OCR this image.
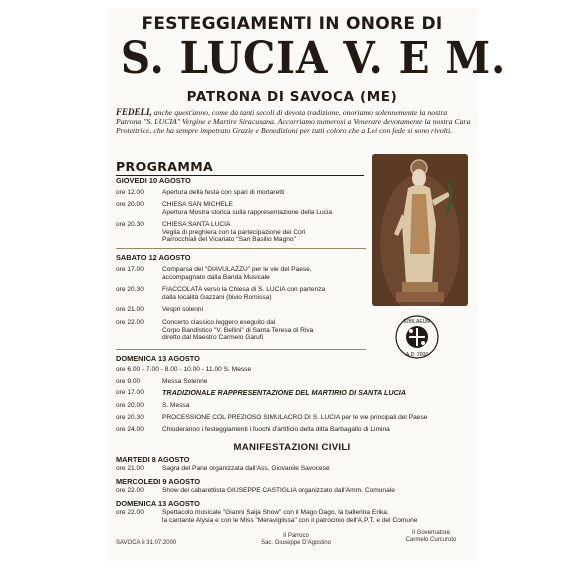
FESTEGGIAMENTI IN ONORE DI
S. LUCIA V. E M.
PATRONA DI SAVOCA (ME)
FEDELI, anche quest'anno, come da tanti secoli di devota tradizione, onoriamo solennemente la nostra Patrona "S. LUCIA" Vergine e Martire Siracusana. Accorriamo numerosi a Venerare devotamente la nostra Cara Protettrice, che ha sempre impetrato Grazie e Benedizioni per tutti coloro che a Lei con fede si sono rivolti.
PROGRAMMA
GIOVEDI 10 AGOSTO
ore 12.00	Apertura della festa con spari di mortaretti
ore 20.00	CHIESA SAN MICHELE
Apertura Mostra storica sulla rappresentazione della Lucia
ore 20.30	CHIESA SANTA LUCIA
Veglia di preghiera con la partecipazione dei Cori
Parrocchiali del Vicariato "San Basilio Magno"
SABATO 12 AGOSTO
ore 17.00	Comparsa del "DIAVULAZZU" per le vie del Paese,
accompagnato dalla Banda Musicale
ore 20.30	FIACCOLATA verso la Chiesa di S. LUCIA con partenza
dalla località Gazzani (bivio Romissa)
ore 21.00	Vespri solenni
ore 22.00	Concerto classico leggero eseguito dal
Corpo Bandistico "V. Bellini" di Santa Teresa di Riva
diretto dal Maestro Carmelo Garufi
DOMENICA 13 AGOSTO
ore 6.00 - 7.00 - 8.00 - 10.00 - 11.00 S. Messe
ore 9.00	Messa Solenne
ore 17.00	TRADIZIONALE RAPPRESENTAZIONE DEL MARTIRIO DI SANTA LUCIA
ore 20.00	S. Messa
ore 20.30	PROCESSIONE COL PREZIOSO SIMULACRO DI S. LUCIA per le vie principali del Paese
ore 24.00	Chiuderanno i festeggiamenti i fuochi d'artificio della ditta Barbagallo di Limina
MANIFESTAZIONI CIVILI
MARTEDI 8 AGOSTO
ore 21.00	Sagra del Pane organizzata dall'Ass. Giovanile Savocese
MERCOLEDI 9 AGOSTO
ore 22.00	Show del cabarettista GIUSEPPE CASTIGLIA organizzato dall'Amm. Comunale
DOMENICA 13 AGOSTO
ore 22.00	Spettacolo musicale "Gianni Saija Show" con il Mago Dago, la ballerina Erika,
la cantante Alysia e con le Miss "Meraviglissa" con il patrocinio dell'A.P.T. e del Comune
SAVOCA li 31.07.2000
Il Parroco
Sac. Giuseppe D'Agostino
Il Governatore
Carmelo Curcuruto
IUBILAEUM
A.D. 2000
